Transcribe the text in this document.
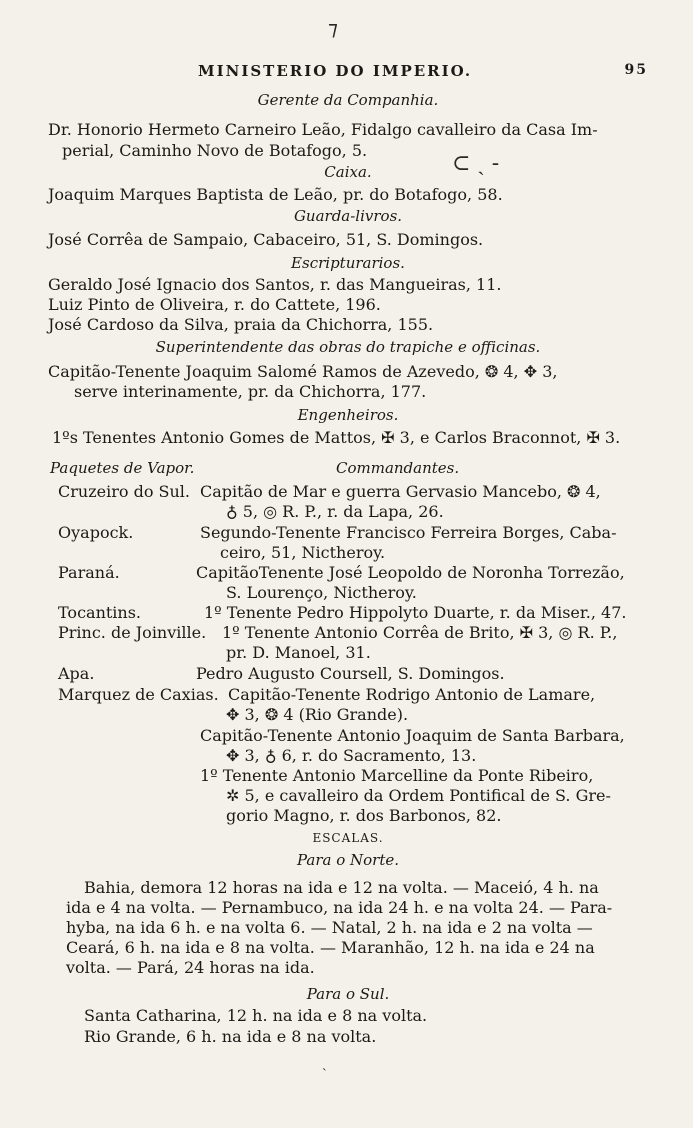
⁊
⊂ ˏ -
˴
MINISTERIO DO IMPERIO.	95
Gerente da Companhia.
Dr. Honorio Hermeto Carneiro Leão, Fidalgo cavalleiro da Casa Im-
perial, Caminho Novo de Botafogo, 5.
Caixa.
Joaquim Marques Baptista de Leão, pr. do Botafogo, 58.
Guarda-livros.
José Corrêa de Sampaio, Cabaceiro, 51, S. Domingos.
Escripturarios.
Geraldo José Ignacio dos Santos, r. das Mangueiras, 11.
Luiz Pinto de Oliveira, r. do Cattete, 196.
José Cardoso da Silva, praia da Chichorra, 155.
Superintendente das obras do trapiche e officinas.
Capitão-Tenente Joaquim Salomé Ramos de Azevedo, ❂ 4, ✥ 3,
serve interinamente, pr. da Chichorra, 177.
Engenheiros.
1ºs Tenentes Antonio Gomes de Mattos, ✠ 3, e Carlos Braconnot, ✠ 3.
Paquetes de Vapor.	Commandantes.
Cruzeiro do Sul. Capitão de Mar e guerra Gervasio Mancebo, ❂ 4,
♁ 5, ◎ R. P., r. da Lapa, 26.
Oyapock.	Segundo-Tenente Francisco Ferreira Borges, Caba-
ceiro, 51, Nictheroy.
Paraná.	CapitãoTenente José Leopoldo de Noronha Torrezão,
S. Lourenço, Nictheroy.
Tocantins.	1º Tenente Pedro Hippolyto Duarte, r. da Miser., 47.
Princ. de Joinville. 1º Tenente Antonio Corrêa de Brito, ✠ 3, ◎ R. P.,
pr. D. Manoel, 31.
Apa.	Pedro Augusto Coursell, S. Domingos.
Marquez de Caxias. Capitão-Tenente Rodrigo Antonio de Lamare,
✥ 3, ❂ 4 (Rio Grande).
Capitão-Tenente Antonio Joaquim de Santa Barbara,
✥ 3, ♁ 6, r. do Sacramento, 13.
1º Tenente Antonio Marcelline da Ponte Ribeiro,
✲ 5, e cavalleiro da Ordem Pontifical de S. Gre-
gorio Magno, r. dos Barbonos, 82.
ESCALAS.
Para o Norte.
Bahia, demora 12 horas na ida e 12 na volta. — Maceió, 4 h. na
ida e 4 na volta. — Pernambuco, na ida 24 h. e na volta 24. — Para-
hyba, na ida 6 h. e na volta 6. — Natal, 2 h. na ida e 2 na volta —
Ceará, 6 h. na ida e 8 na volta. — Maranhão, 12 h. na ida e 24 na
volta. — Pará, 24 horas na ida.
Para o Sul.
Santa Catharina, 12 h. na ida e 8 na volta.
Rio Grande, 6 h. na ida e 8 na volta.
